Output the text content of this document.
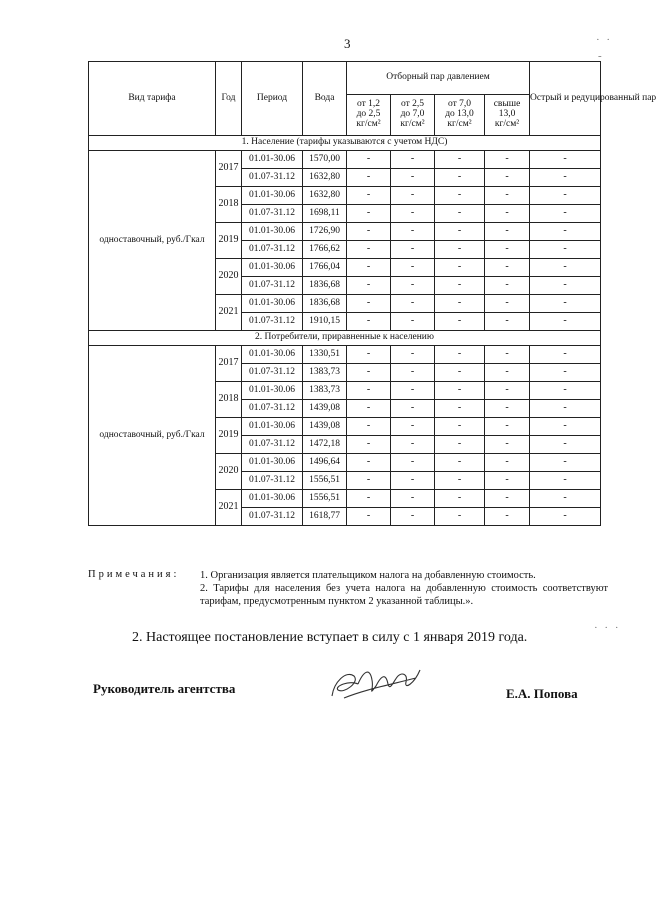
3	· ·
-
· · ·
Вид тарифа	Год	Период	Вода	Отборный пар давлением				Острый и редуцированный пар

				от 1,2
до 2,5
кг/см²	от 2,5
до 7,0
кг/см²	от 7,0
до 13,0
кг/см²	свыше
13,0
кг/см²	

1. Население (тарифы указываются с учетом НДС)								
одноставочный, руб./Гкал	2017	01.01-30.06	1570,00	-	-	-	-	-
		01.07-31.12	1632,80	-	-	-	-	-
	2018	01.01-30.06	1632,80	-	-	-	-	-
		01.07-31.12	1698,11	-	-	-	-	-
	2019	01.01-30.06	1726,90	-	-	-	-	-
		01.07-31.12	1766,62	-	-	-	-	-
	2020	01.01-30.06	1766,04	-	-	-	-	-
		01.07-31.12	1836,68	-	-	-	-	-
	2021	01.01-30.06	1836,68	-	-	-	-	-
		01.07-31.12	1910,15	-	-	-	-	-
2. Потребители, приравненные к населению								
одноставочный, руб./Гкал	2017	01.01-30.06	1330,51	-	-	-	-	-
		01.07-31.12	1383,73	-	-	-	-	-
	2018	01.01-30.06	1383,73	-	-	-	-	-
		01.07-31.12	1439,08	-	-	-	-	-
	2019	01.01-30.06	1439,08	-	-	-	-	-
		01.07-31.12	1472,18	-	-	-	-	-
	2020	01.01-30.06	1496,64	-	-	-	-	-
		01.07-31.12	1556,51	-	-	-	-	-
	2021	01.01-30.06	1556,51	-	-	-	-	-
		01.07-31.12	1618,77	-	-	-	-	-
Примечания: 1. Организация является плательщиком налога на добавленную стоимость.
2. Тарифы для населения без учета налога на добавленную стоимость соответствуют тарифам, предусмотренным пунктом 2 указанной таблицы.».
2. Настоящее постановление вступает в силу с 1 января 2019 года.
Руководитель агентства	Е.А. Попова
